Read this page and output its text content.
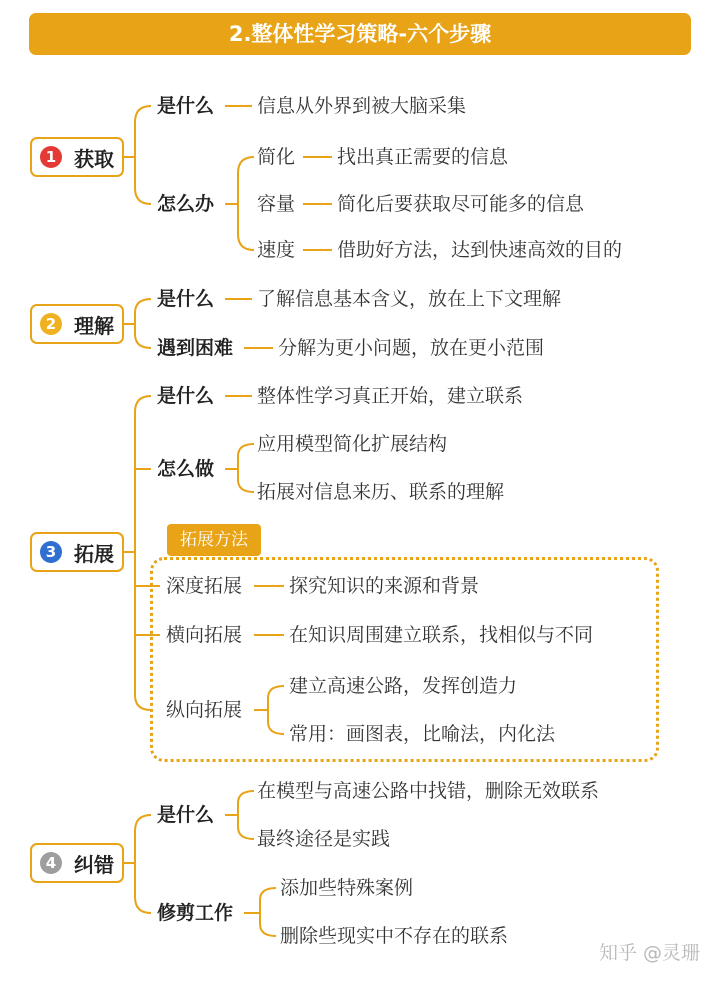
2.整体性学习策略-六个步骤
1 获取
是什么 信息从外界到被大脑采集
怎么办
简化 找出真正需要的信息
容量 简化后要获取尽可能多的信息
速度 借助好方法，达到快速高效的目的
2 理解
是什么 了解信息基本含义，放在上下文理解
遇到困难 分解为更小问题，放在更小范围
3 拓展
是什么 整体性学习真正开始，建立联系
怎么做
应用模型简化扩展结构
拓展对信息来历、联系的理解
拓展方法
深度拓展 探究知识的来源和背景
横向拓展 在知识周围建立联系，找相似与不同
纵向拓展
建立高速公路，发挥创造力
常用：画图表，比喻法，内化法
4 纠错
是什么
在模型与高速公路中找错，删除无效联系
最终途径是实践
修剪工作
添加些特殊案例
删除些现实中不存在的联系
知乎 @灵珊
